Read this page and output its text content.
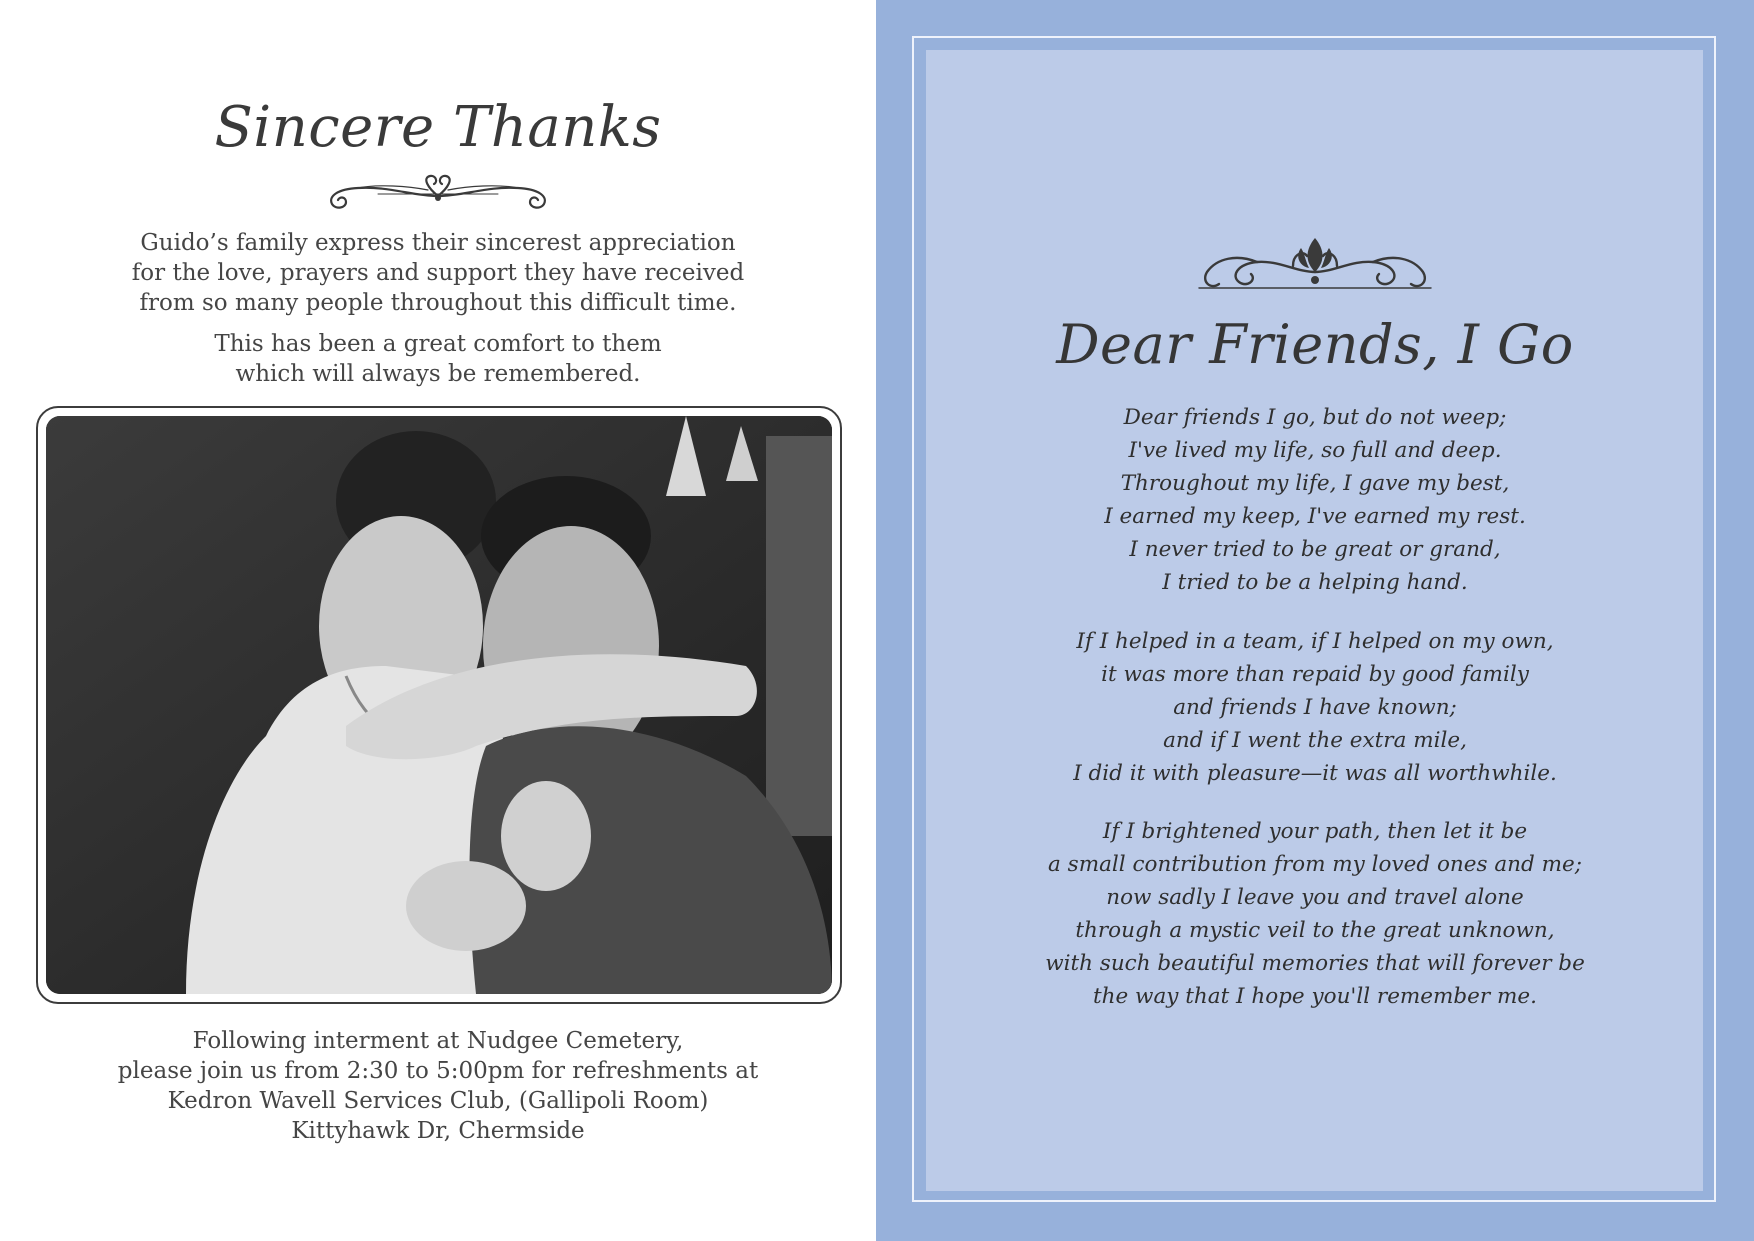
Sincere Thanks
Guido’s family express their sincerest appreciation
for the love, prayers and support they have received
from so many people throughout this difficult time.
This has been a great comfort to them
which will always be remembered.
Following interment at Nudgee Cemetery,
please join us from 2:30 to 5:00pm for refreshments at
Kedron Wavell Services Club, (Gallipoli Room)
Kittyhawk Dr, Chermside
Dear Friends, I Go
Dear friends I go, but do not weep;
I've lived my life, so full and deep.
Throughout my life, I gave my best,
I earned my keep, I've earned my rest.
I never tried to be great or grand,
I tried to be a helping hand.
If I helped in a team, if I helped on my own,
it was more than repaid by good family
and friends I have known;
and if I went the extra mile,
I did it with pleasure—it was all worthwhile.
If I brightened your path, then let it be
a small contribution from my loved ones and me;
now sadly I leave you and travel alone
through a mystic veil to the great unknown,
with such beautiful memories that will forever be
the way that I hope you'll remember me.
